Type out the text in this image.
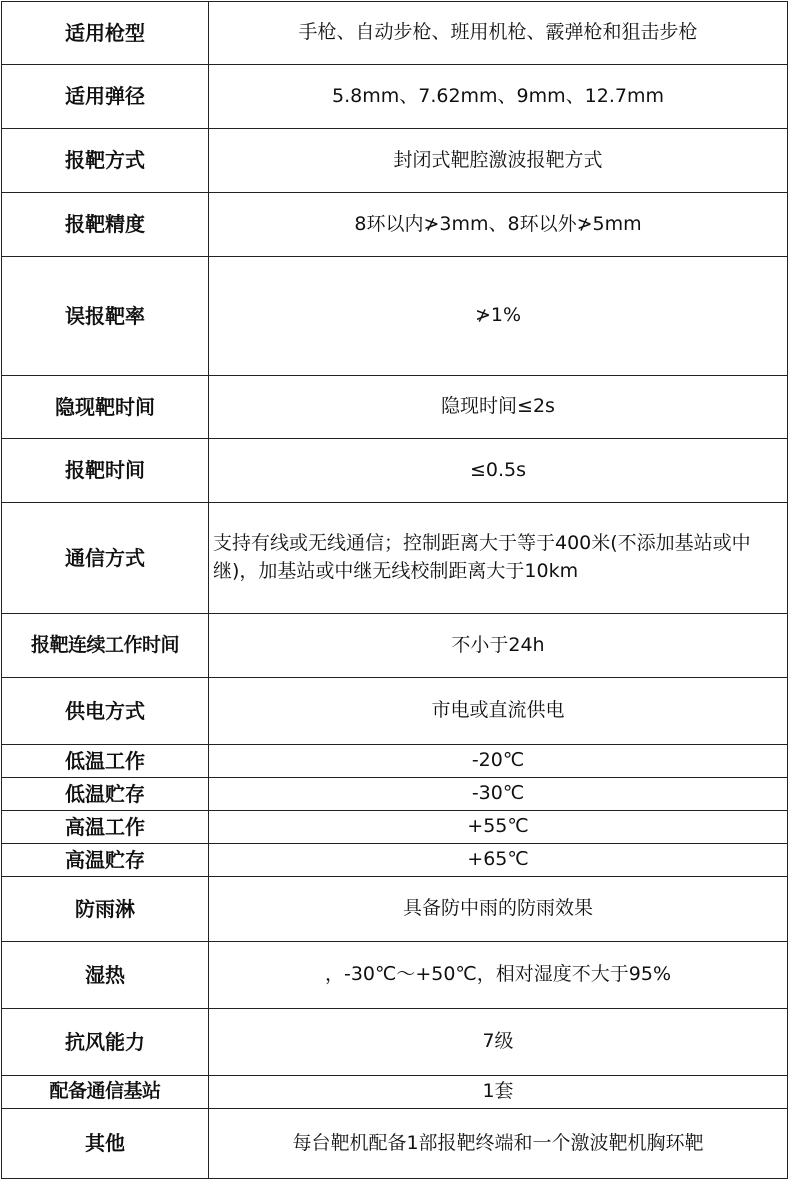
适用枪型	手枪、自动步枪、班用机枪、霰弹枪和狙击步枪
适用弹径	5.8mm、7.62mm、9mm、12.7mm
报靶方式	封闭式靶腔激波报靶方式
报靶精度	8环以内≯3mm、8环以外≯5mm
误报靶率	≯1%
隐现靶时间	隐现时间≤2s
报靶时间	≤0.5s
通信方式	支持有线或无线通信；控制距离大于等于400米(不添加基站或中继)，加基站或中继无线校制距离大于10km
报靶连续工作时间	不小于24h
供电方式	市电或直流供电
低温工作	-20℃
低温贮存	-30℃
高温工作	+55℃
高温贮存	+65℃
防雨淋	具备防中雨的防雨效果
湿热	，-30℃～+50℃，相对湿度不大于95%
抗风能力	7级
配备通信基站	1套
其他	每台靶机配备1部报靶终端和一个激波靶机胸环靶
